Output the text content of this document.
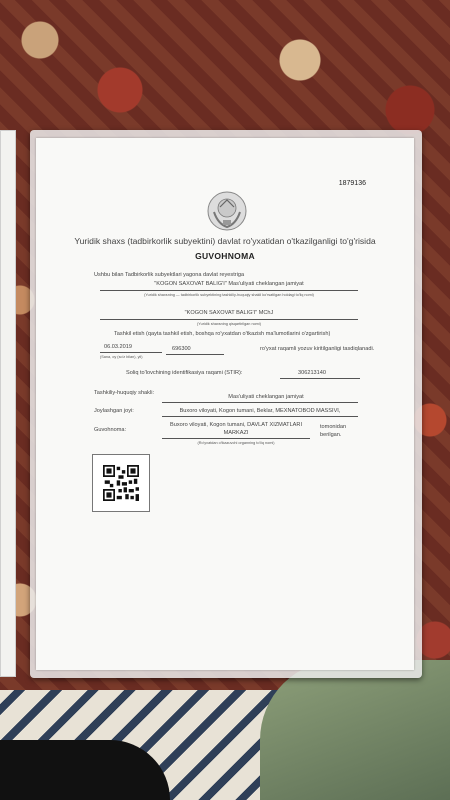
1879136
Yuridik shaxs (tadbirkorlik subyektini) davlat ro'yxatidan o'tkazilganligi to'g'risida
GUVOHNOMA
Ushbu bilan Tadbirkorlik subyektlari yagona davlat reyestriga
"KOGON SAXOVAT BALIG'I" Mas'uliyati cheklangan jamiyat
(Yuridik shaxsning — tadbirkorlik subyektining tashkiliy-huquqiy shakli ko'rsatilgan holdagi to'liq nomi)
"KOGON SAXOVAT BALIG'I" MChJ
(Yuridik shaxsning qisqartirilgan nomi)
Tashkil etish (qayta tashkil etish, boshqa ro'yxatdan o'tkazish ma'lumotlarini o'zgartirish)
06.03.2019
(Sana, oy (so'z bilan), yil)
696300	ro'yxat raqamli yozuv kiritilganligi tasdiqlanadi.
Soliq to'lovchining identifikasiya raqami (STIR):	306213140
Tashkiliy-huquqiy shakli:
Mas'uliyati cheklangan jamiyat
Joylashgan joyi:	Buxoro viloyati, Kogon tumani, Beklar, MEXNATOBOD MASSIVI,
Guvohnoma:
Buxoro viloyati, Kogon tumani, DAVLAT XIZMATLARI
MARKAZI
(Ro'yxatdan o'tkazuvchi organning to'liq nomi)
tomonidan
berilgan.
